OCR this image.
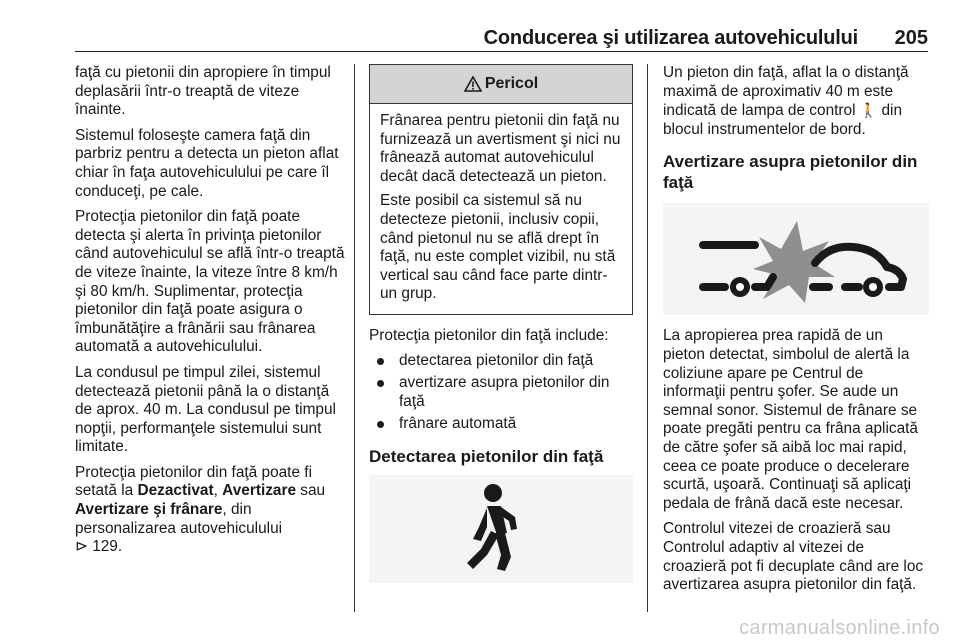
Conducerea şi utilizarea autovehiculului 205

faţă cu pietonii din apropiere în timpul deplasării într-o treaptă de viteze înainte.

Sistemul foloseşte camera faţă din parbriz pentru a detecta un pieton aflat chiar în faţa autovehiculului pe care îl conduceţi, pe cale.

Protecţia pietonilor din faţă poate detecta şi alerta în privinţa pietonilor când autovehiculul se află într-o treaptă de viteze înainte, la viteze între 8 km/h şi 80 km/h. Suplimentar, protecţia pietonilor din faţă poate asigura o îmbunătăţire a frânării sau frânarea automată a autovehiculului.

La condusul pe timpul zilei, sistemul detectează pietonii până la o distanţă de aprox. 40 m. La condusul pe timpul nopţii, performanţele sistemului sunt limitate.

Protecţia pietonilor din faţă poate fi setată la Dezactivat, Avertizare sau Avertizare şi frânare, din personalizarea autovehiculului
⊳ 129.

Pericol

Frânarea pentru pietonii din faţă nu furnizează un avertisment şi nici nu frânează automat autovehiculul decât dacă detectează un pieton.

Este posibil ca sistemul să nu detecteze pietonii, inclusiv copii, când pietonul nu se află drept în faţă, nu este complet vizibil, nu stă vertical sau când face parte dintr-un grup.

Protecţia pietonilor din faţă include:

detectarea pietonilor din faţă
avertizare asupra pietonilor din faţă
frânare automată
Detectarea pietonilor din faţă

Un pieton din faţă, aflat la o distanţă maximă de aproximativ 40 m este indicată de lampa de control 🚶 din blocul instrumentelor de bord.

Avertizare asupra pietonilor din faţă

La apropierea prea rapidă de un pieton detectat, simbolul de alertă la coliziune apare pe Centrul de informaţii pentru şofer. Se aude un semnal sonor. Sistemul de frânare se poate pregăti pentru ca frâna aplicată de către şofer să aibă loc mai rapid, ceea ce poate produce o decelerare scurtă, uşoară. Continuaţi să aplicaţi pedala de frână dacă este necesar.

Controlul vitezei de croazieră sau Controlul adaptiv al vitezei de croazieră pot fi decuplate când are loc avertizarea asupra pietonilor din faţă.

carmanualsonline.info
